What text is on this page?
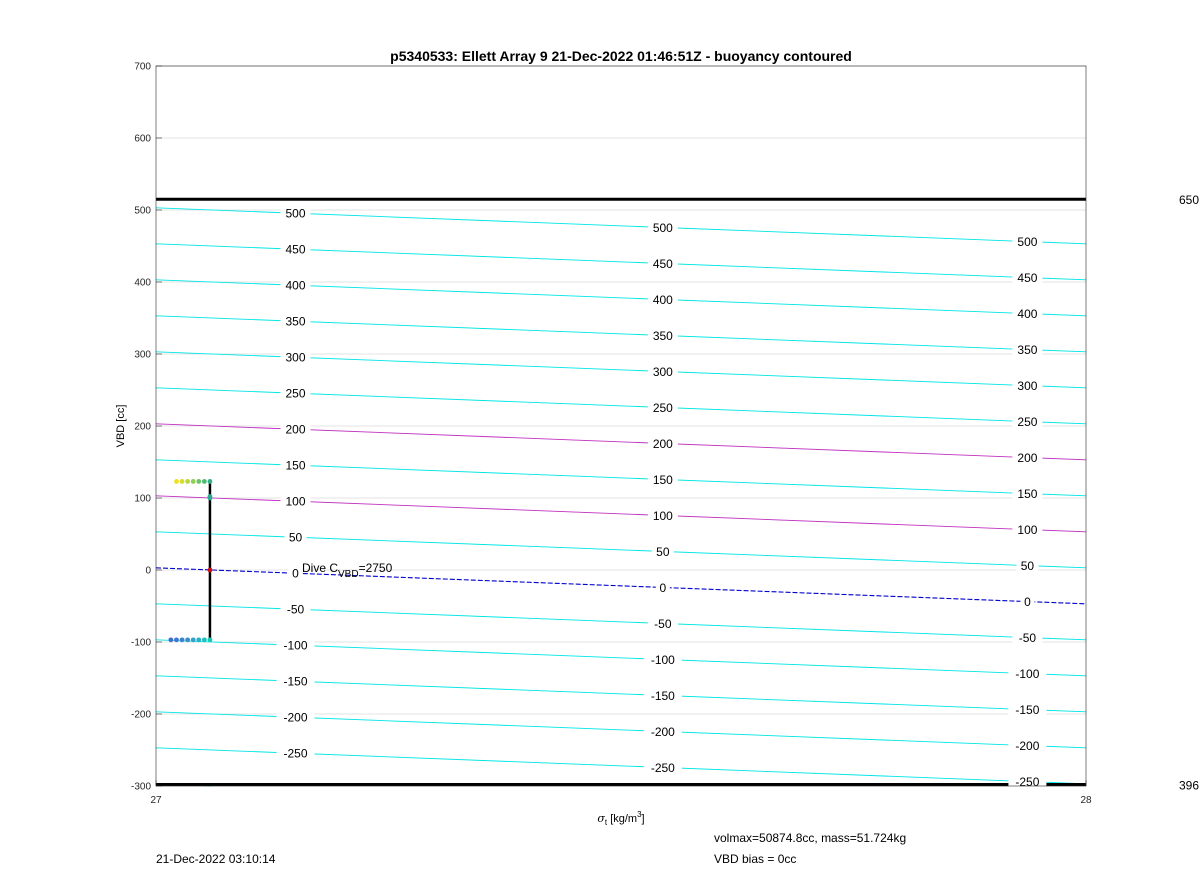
650
396
-250
-250
-250
-200
-200
-200
-150
-150
-150
-100
-100
-100
-50
-50
-50
0
0
0
50
50
50
100
100
100
150
150
150
200
200
200
250
250
250
300
300
300
350
350
350
400
400
400
450
450
450
500
500
500
-300
-200
-100
0
100
200
300
400
500
600
700
27	28
p5340533: Ellett Array 9 21-Dec-2022 01:46:51Z - buoyancy contoured
VBD [cc]
$\sigma_t$ $[kg/m^3]$
Dive $C_{VBD}=2750$
21-Dec-2022 03:10:14
volmax=50874.8cc, mass=51.724kg
VBD bias = 0cc
